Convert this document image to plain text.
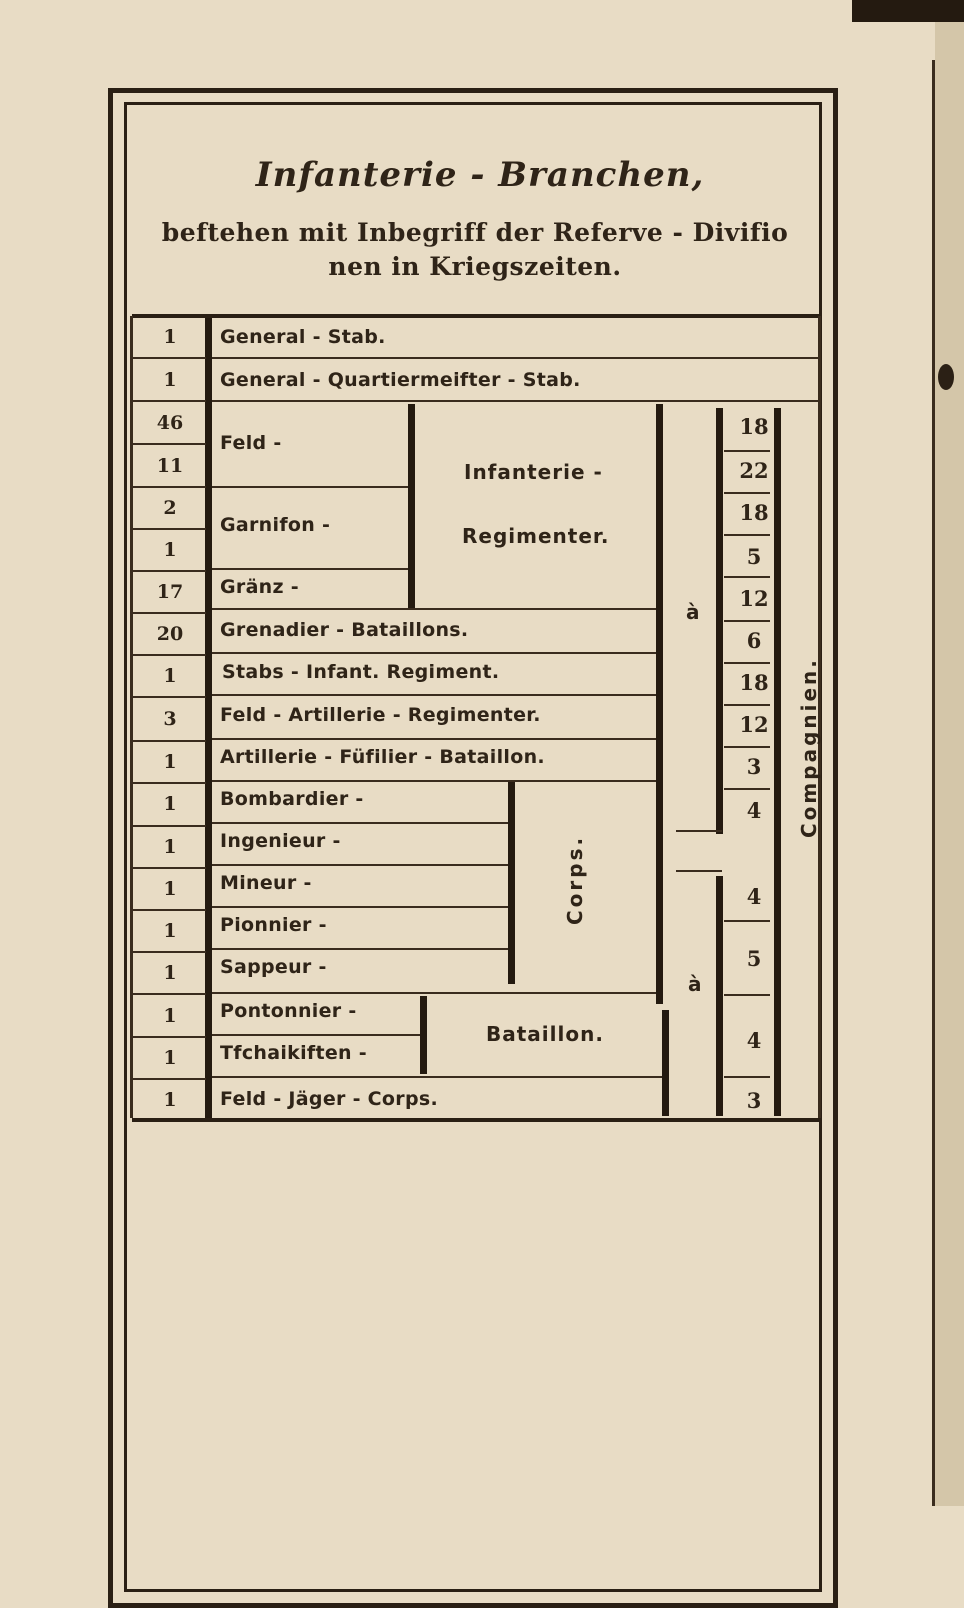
Infanterie - Branchen,
beftehen mit Inbegriff der Referve - Divifio
nen in Kriegszeiten.
1
1
46
11
2
1
17
20
1
3
1
1
1
1
1
1
1
1
1
General - Stab.
General - Quartiermeifter - Stab.
Feld -
Garnifon -
Gränz -
Grenadier - Bataillons.
Stabs - Infant. Regiment.
Feld - Artillerie - Regimenter.
Artillerie - Füfilier - Bataillon.
Bombardier -
Ingenieur -
Mineur -
Pionnier -
Sappeur -
Pontonnier -
Tfchaikiften -
Feld - Jäger - Corps.
Infanterie -
Regimenter.
Corps.
Bataillon.
à
à
Compagnien.
18
22
18
5
12
6
18
12
3
4
4
5
4
3
